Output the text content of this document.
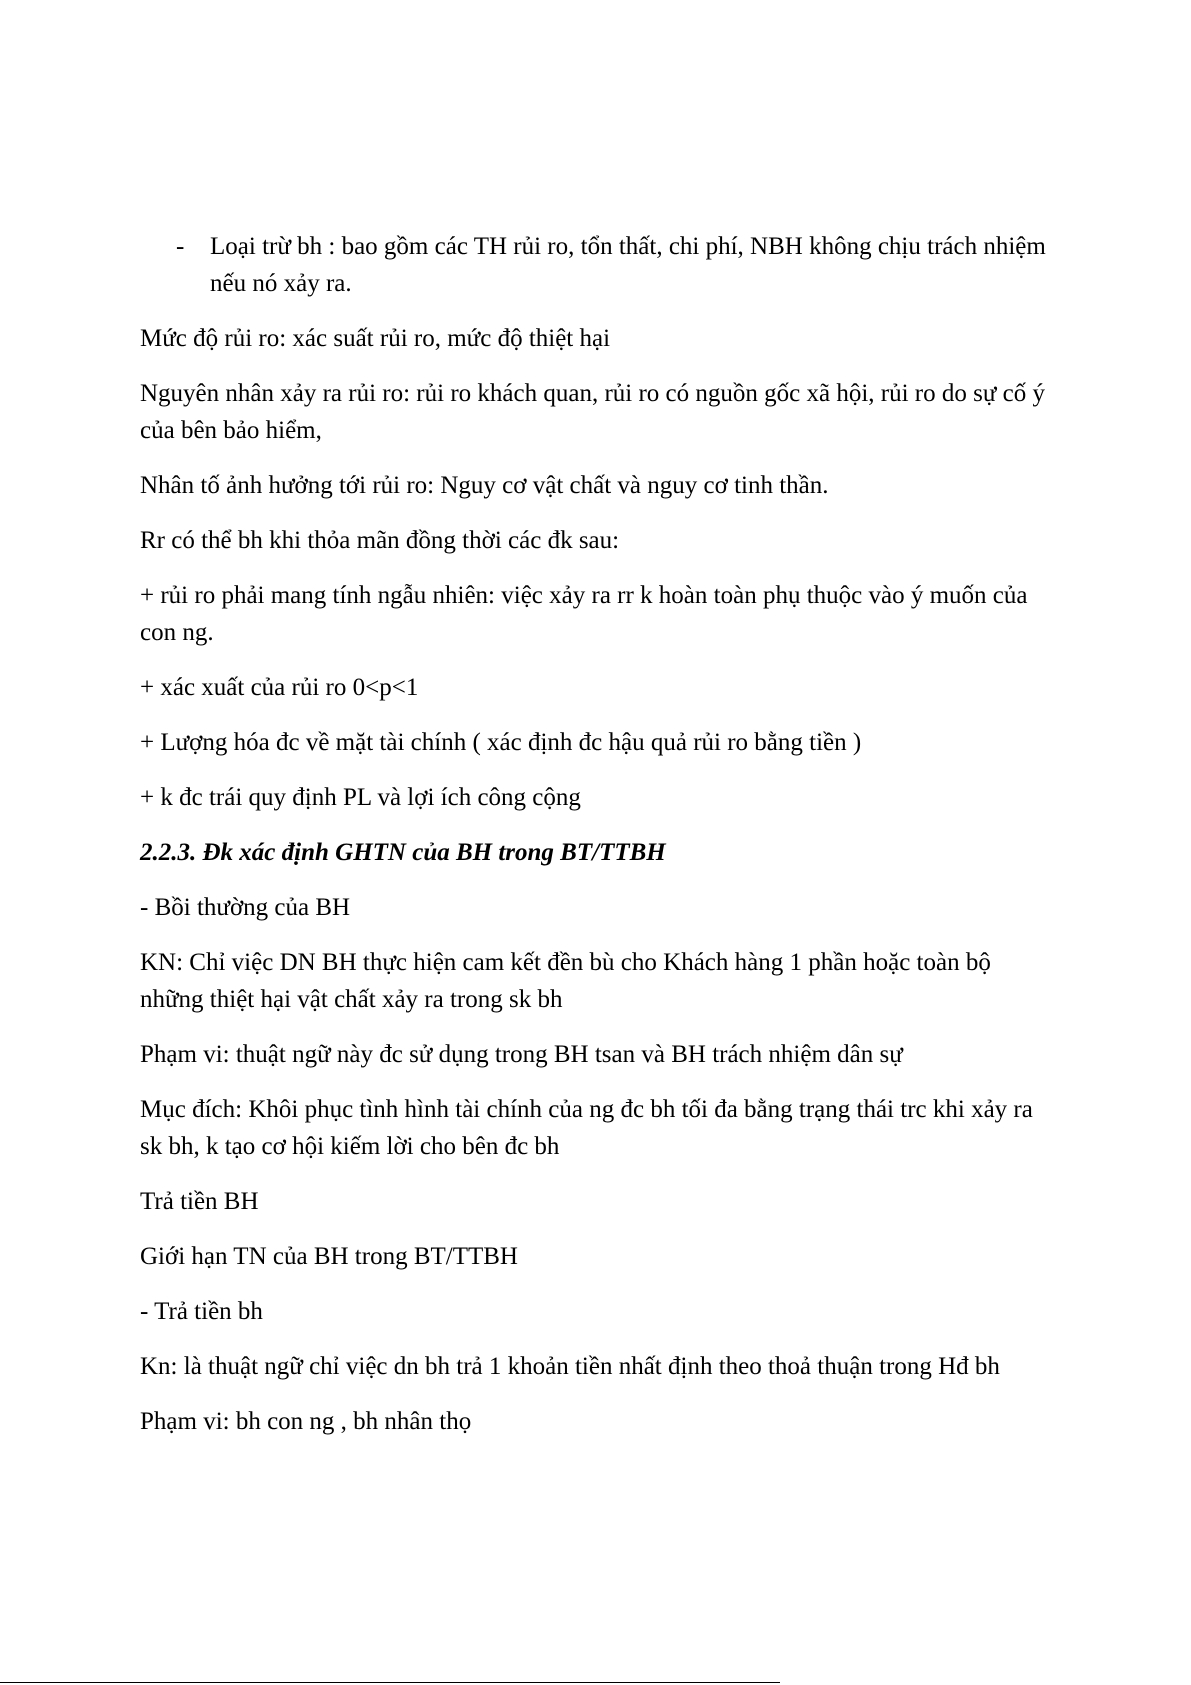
- Loại trừ bh : bao gồm các TH rủi ro, tổn thất, chi phí, NBH không chịu trách nhiệm nếu nó xảy ra.

Mức độ rủi ro: xác suất rủi ro, mức độ thiệt hại

Nguyên nhân xảy ra rủi ro: rủi ro khách quan, rủi ro có nguồn gốc xã hội, rủi ro do sự cố ý của bên bảo hiểm,

Nhân tố ảnh hưởng tới rủi ro: Nguy cơ vật chất và nguy cơ tinh thần.

Rr có thể bh khi thỏa mãn đồng thời các đk sau:

+ rủi ro phải mang tính ngẫu nhiên: việc xảy ra rr k hoàn toàn phụ thuộc vào ý muốn của con ng.

+ xác xuất của rủi ro 0<p<1

+ Lượng hóa đc về mặt tài chính ( xác định đc hậu quả rủi ro bằng tiền )

+ k đc trái quy định PL và lợi ích công cộng

2.2.3. Đk xác định GHTN của BH trong BT/TTBH

- Bồi thường của BH

KN: Chỉ việc DN BH thực hiện cam kết đền bù cho Khách hàng 1 phần hoặc toàn bộ những thiệt hại vật chất xảy ra trong sk bh

Phạm vi: thuật ngữ này đc sử dụng trong BH tsan và BH trách nhiệm dân sự

Mục đích: Khôi phục tình hình tài chính của ng đc bh tối đa bằng trạng thái trc khi xảy ra sk bh, k tạo cơ hội kiếm lời cho bên đc bh

Trả tiền BH

Giới hạn TN của BH trong BT/TTBH

- Trả tiền bh

Kn: là thuật ngữ chỉ việc dn bh trả 1 khoản tiền nhất định theo thoả thuận trong Hđ bh

Phạm vi: bh con ng , bh nhân thọ
